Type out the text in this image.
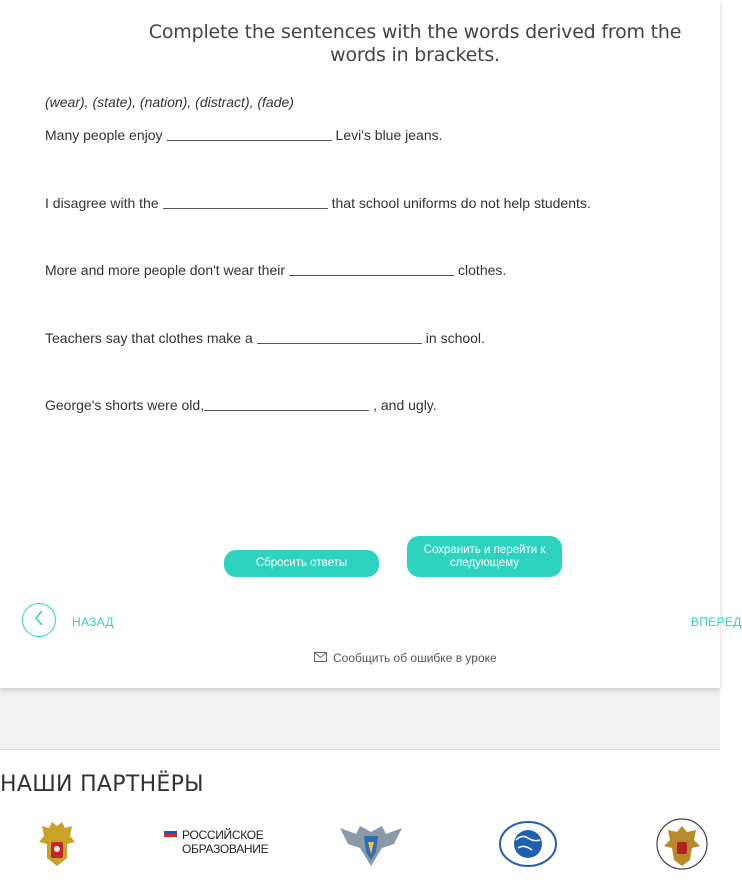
Complete the sentences with the words derived from the words in brackets.
(wear), (state), (nation), (distract), (fade)
Many people enjoy	Levi's blue jeans.
I disagree with the	that school uniforms do not help students.
More and more people don't wear their	clothes.
Teachers say that clothes make a	in school.
George's shorts were old,	, and ugly.
Сбросить ответы
Сохранить и перейти к следующему
НАЗАД	ВПЕРЕД
Сообщить об ошибке в уроке
НАШИ ПАРТНЁРЫ
РОССИЙСКОЕ
ОБРАЗОВАНИЕ
